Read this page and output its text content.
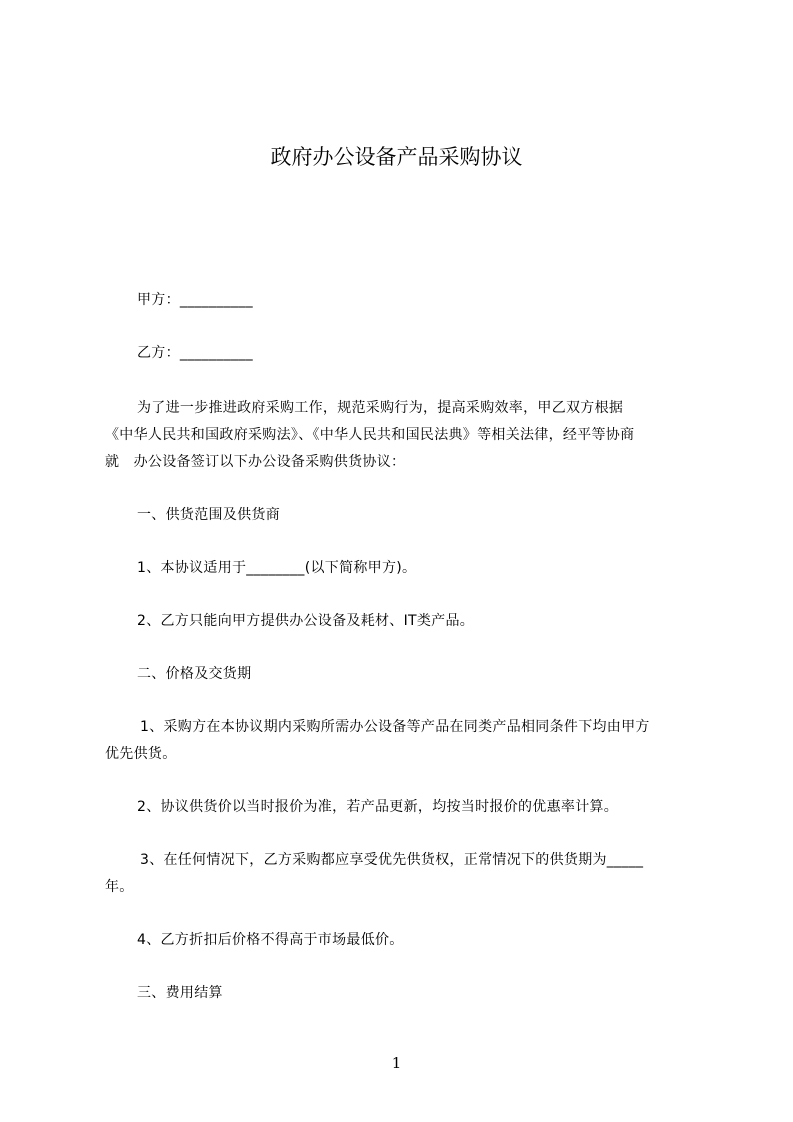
政府办公设备产品采购协议
甲方：__________
乙方：__________
为了进一步推进政府采购工作，规范采购行为，提高采购效率，甲乙双方根据
《中华人民共和国政府采购法》、《中华人民共和国民法典》等相关法律，经平等协商
就　办公设备签订以下办公设备采购供货协议：
一、供货范围及供货商
1、本协议适用于________(以下简称甲方)。
2、乙方只能向甲方提供办公设备及耗材、IT类产品。
二、价格及交货期
1、采购方在本协议期内采购所需办公设备等产品在同类产品相同条件下均由甲方
优先供货。
2、协议供货价以当时报价为准，若产品更新，均按当时报价的优惠率计算。
3、在任何情况下，乙方采购都应享受优先供货权，正常情况下的供货期为_____
年。
4、乙方折扣后价格不得高于市场最低价。
三、费用结算
1
